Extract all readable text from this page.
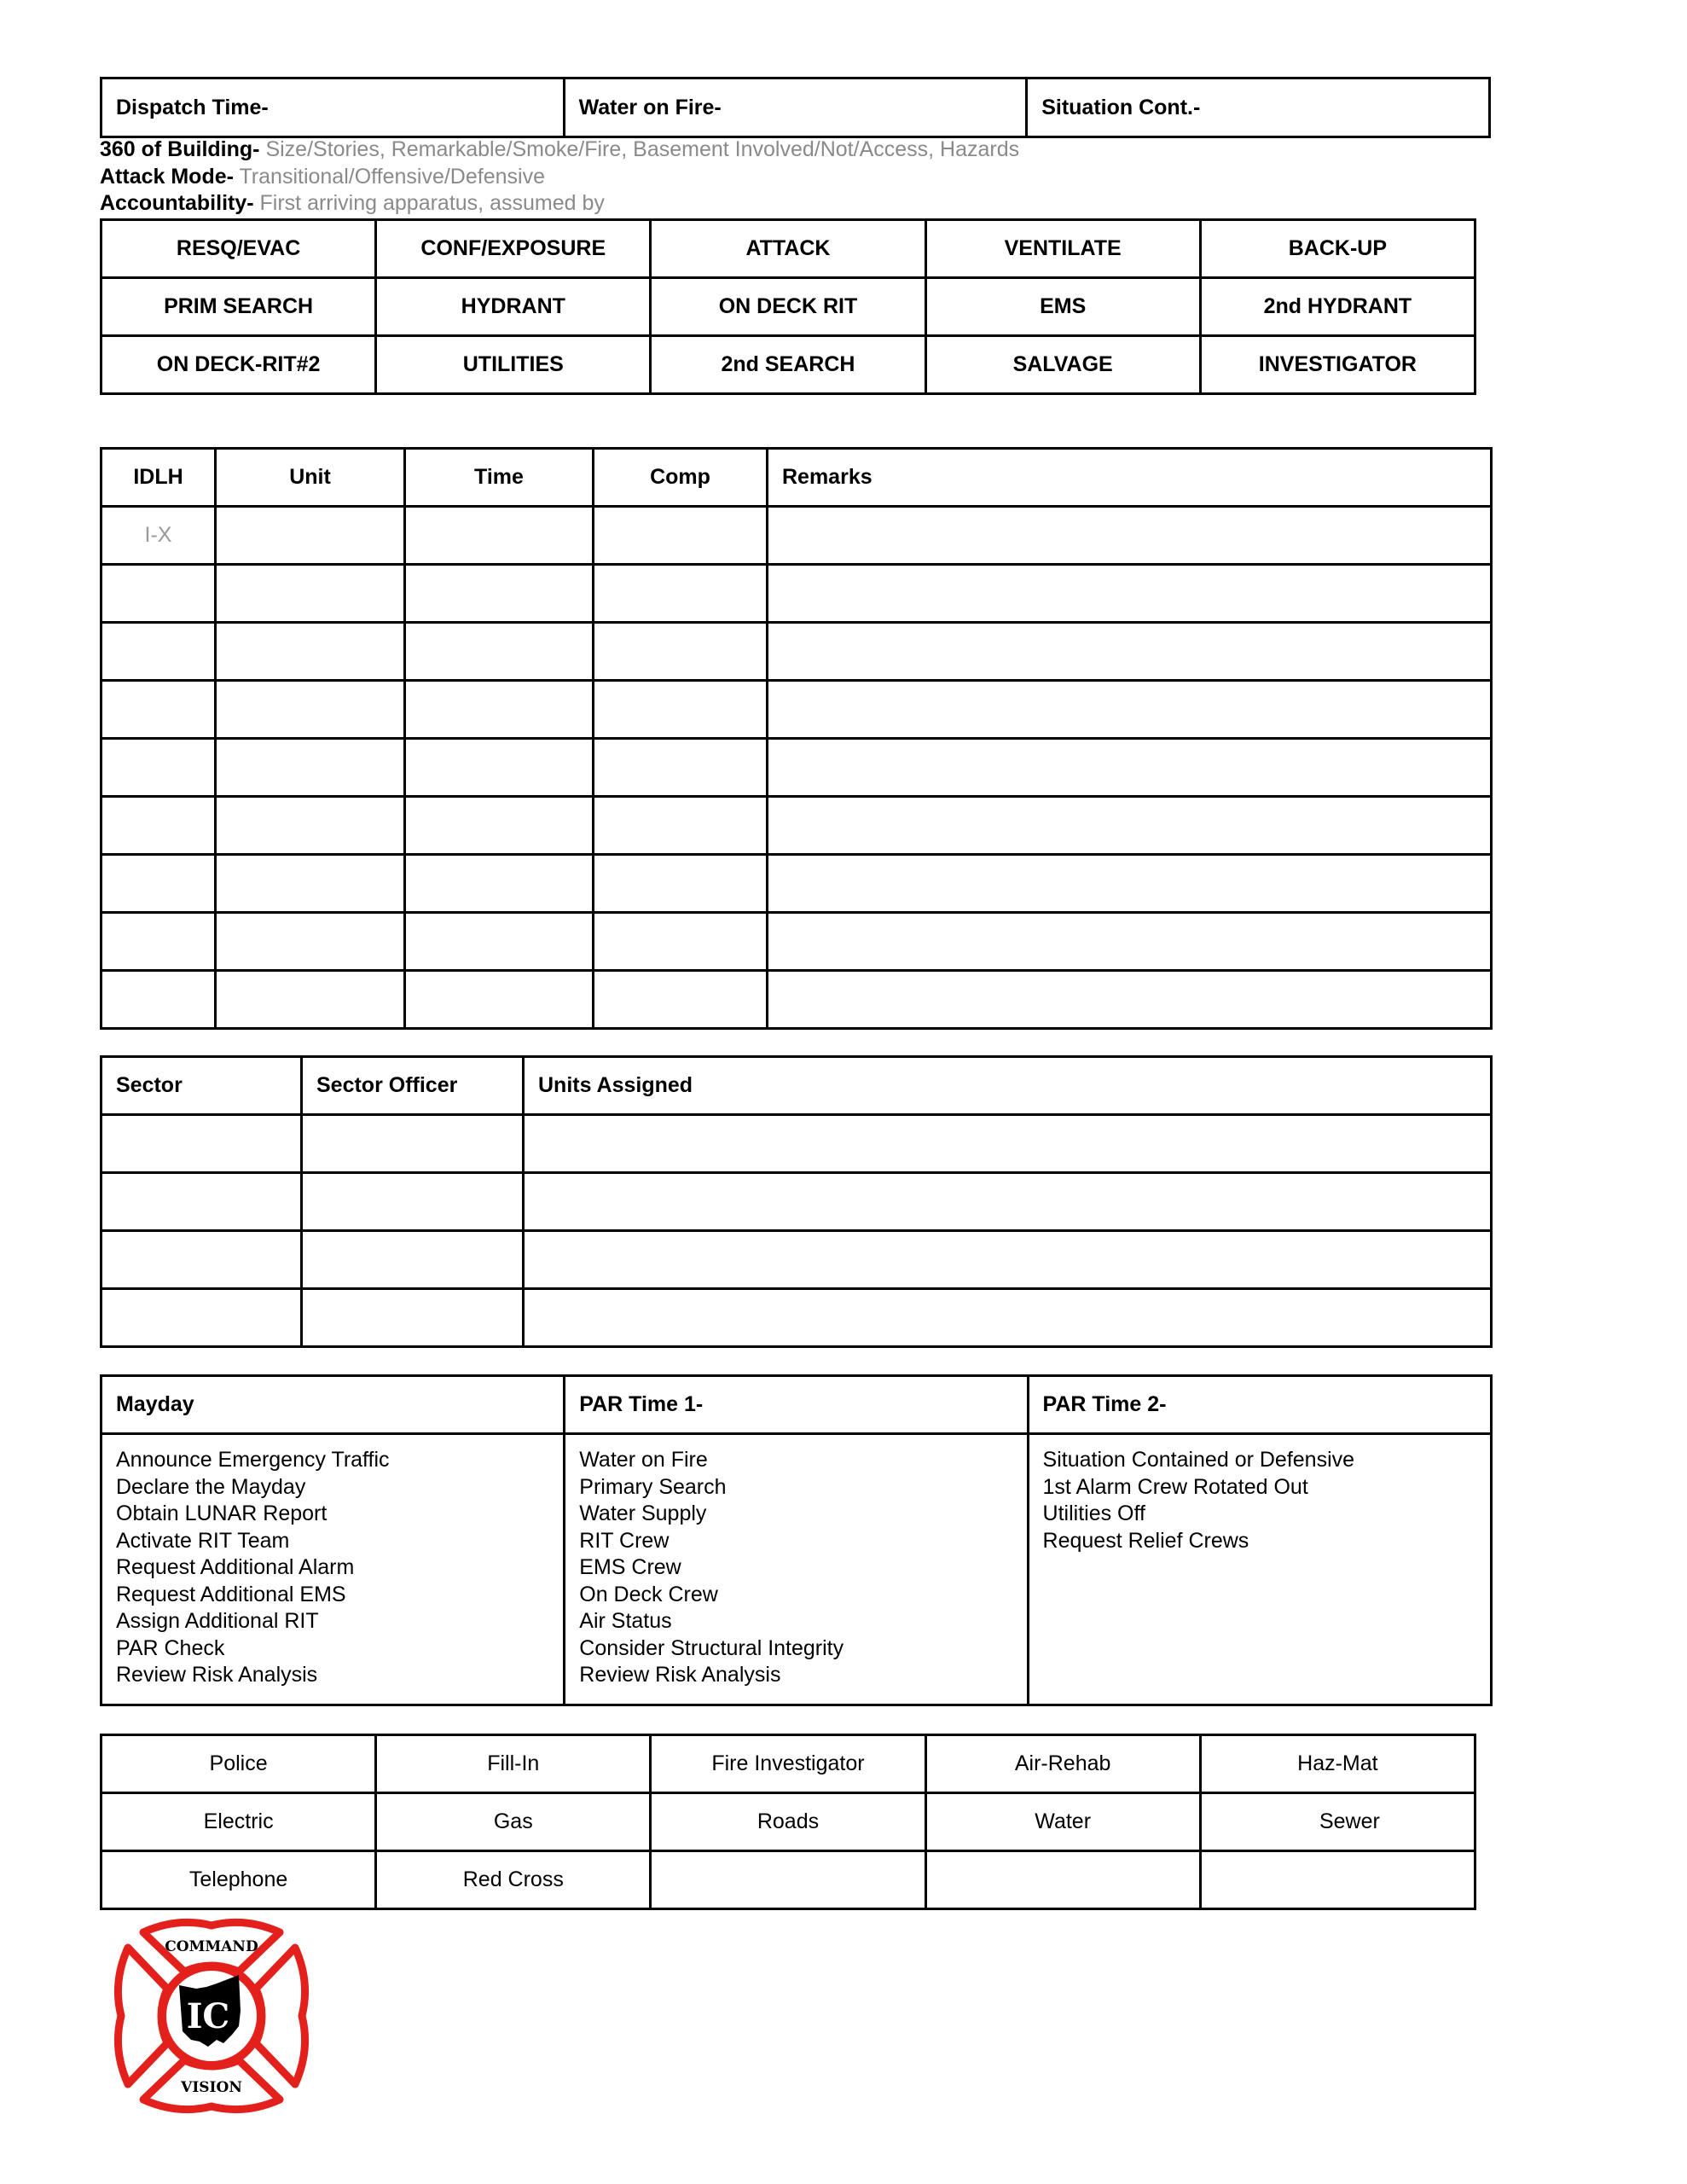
Dispatch Time-	Water on Fire-	Situation Cont.-
360 of Building- Size/Stories, Remarkable/Smoke/Fire, Basement Involved/Not/Access, Hazards
Attack Mode- Transitional/Offensive/Defensive
Accountability- First arriving apparatus, assumed by
RESQ/EVAC	CONF/EXPOSURE	ATTACK	VENTILATE	BACK-UP
PRIM SEARCH	HYDRANT	ON DECK RIT	EMS	2nd HYDRANT
ON DECK-RIT#2	UTILITIES	2nd SEARCH	SALVAGE	INVESTIGATOR
IDLH	Unit	Time	Comp	Remarks
I-X				

Sector	Sector Officer	Units Assigned

Mayday	PAR Time 1-	PAR Time 2-

Announce Emergency Traffic
Declare the Mayday
Obtain LUNAR Report
Activate RIT Team
Request Additional Alarm
Request Additional EMS
Assign Additional RIT
PAR Check
Review Risk Analysis

Water on Fire
Primary Search
Water Supply
RIT Crew
EMS Crew
On Deck Crew
Air Status
Consider Structural Integrity
Review Risk Analysis

Situation Contained or Defensive
1st Alarm Crew Rotated Out
Utilities Off
Request Relief Crews
Police	Fill-In	Fire Investigator	Air-Rehab	Haz-Mat
Electric	Gas	Roads	Water	Sewer
Telephone	Red Cross			
IC
COMMAND
VISION
